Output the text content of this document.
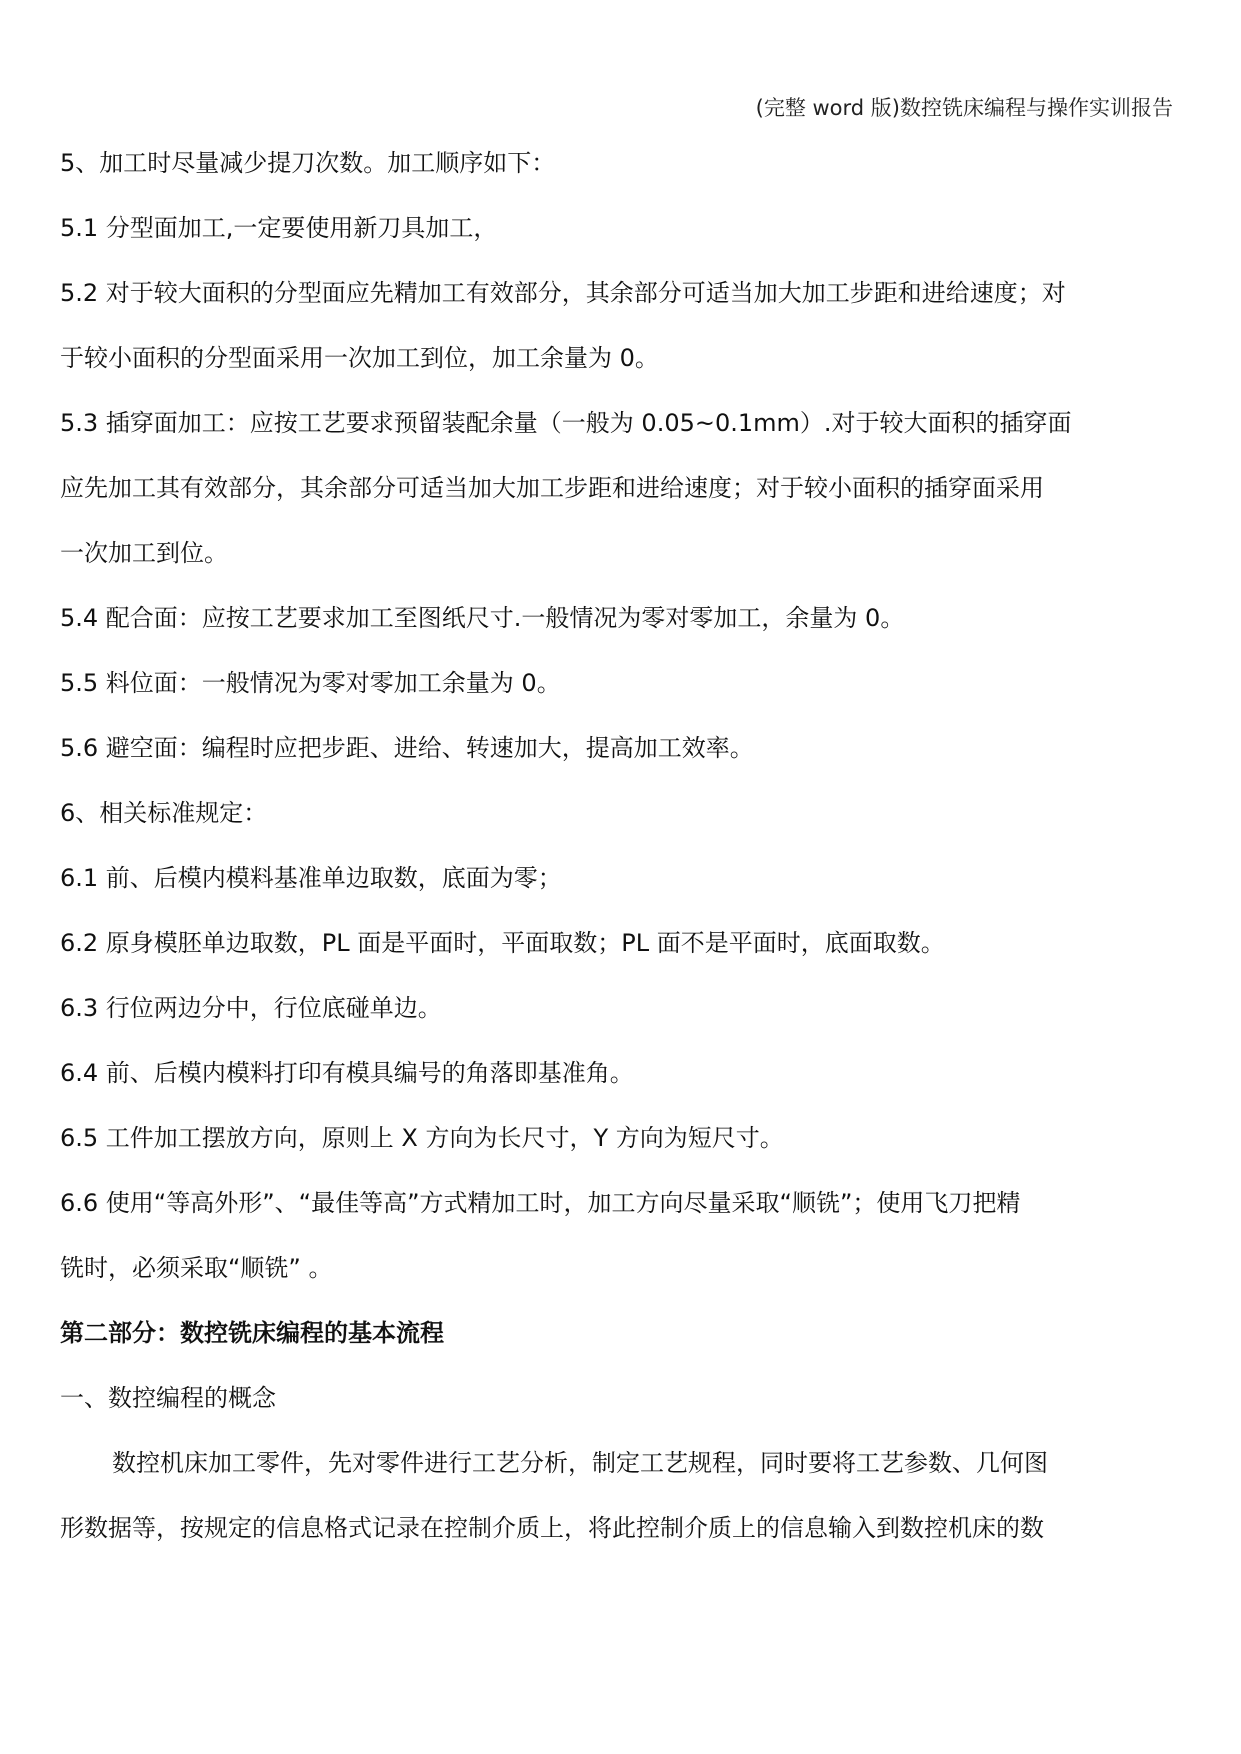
(完整 word 版)数控铣床编程与操作实训报告
5、加工时尽量减少提刀次数。加工顺序如下：
5.1 分型面加工,一定要使用新刀具加工，
5.2 对于较大面积的分型面应先精加工有效部分，其余部分可适当加大加工步距和进给速度；对
于较小面积的分型面采用一次加工到位，加工余量为 0。
5.3 插穿面加工：应按工艺要求预留装配余量（一般为 0.05~0.1mm）.对于较大面积的插穿面
应先加工其有效部分，其余部分可适当加大加工步距和进给速度；对于较小面积的插穿面采用
一次加工到位。
5.4 配合面：应按工艺要求加工至图纸尺寸.一般情况为零对零加工，余量为 0。
5.5 料位面：一般情况为零对零加工余量为 0。
5.6 避空面：编程时应把步距、进给、转速加大，提高加工效率。
6、相关标准规定：
6.1 前、后模内模料基准单边取数，底面为零；
6.2 原身模胚单边取数，PL 面是平面时，平面取数；PL 面不是平面时，底面取数。
6.3 行位两边分中，行位底碰单边。
6.4 前、后模内模料打印有模具编号的角落即基准角。
6.5 工件加工摆放方向，原则上 X 方向为长尺寸，Y 方向为短尺寸。
6.6 使用“等高外形”、“最佳等高”方式精加工时，加工方向尽量采取“顺铣”；使用飞刀把精
铣时，必须采取“顺铣” 。
第二部分：数控铣床编程的基本流程
一、数控编程的概念
数控机床加工零件，先对零件进行工艺分析，制定工艺规程，同时要将工艺参数、几何图
形数据等，按规定的信息格式记录在控制介质上，将此控制介质上的信息输入到数控机床的数
